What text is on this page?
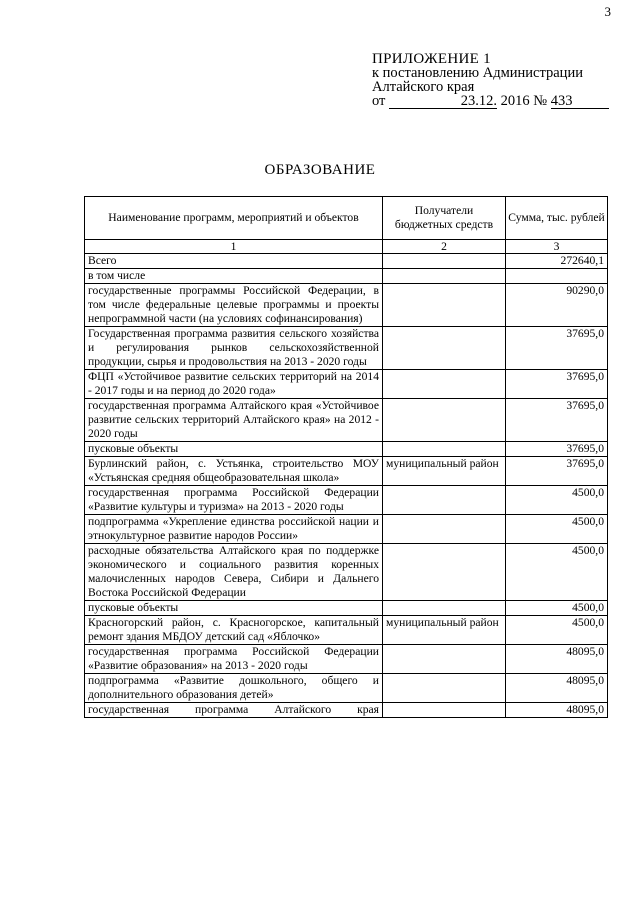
3
ПРИЛОЖЕНИЕ 1
к постановлению Администрации
Алтайского края
от	23.12. 2016 № 433
ОБРАЗОВАНИЕ
Наименование программ, мероприятий и объектов	Получатели бюджетных средств	Сумма, тыс. рублей
1	2	3
Всего		272640,1
в том числе		
государственные программы Российской Федерации, в том числе федеральные целевые программы и проекты непрограммной части (на условиях софинансирования)		90290,0
Государственная программа развития сельского хозяйства и регулирования рынков сельскохозяйственной продукции, сырья и продовольствия на 2013 - 2020 годы		37695,0
ФЦП «Устойчивое развитие сельских территорий на 2014 - 2017 годы и на период до 2020 года»		37695,0
государственная программа Алтайского края «Устойчивое развитие сельских территорий Алтайского края» на 2012 - 2020 годы		37695,0
пусковые объекты		37695,0
Бурлинский район, с. Устьянка, строительство МОУ «Устьянская средняя общеобразовательная школа»	муниципальный район	37695,0
государственная программа Российской Федерации «Развитие культуры и туризма» на 2013 - 2020 годы		4500,0
подпрограмма «Укрепление единства российской нации и этнокультурное развитие народов России»		4500,0
расходные обязательства Алтайского края по поддержке экономического и социального развития коренных малочисленных народов Севера, Сибири и Дальнего Востока Российской Федерации		4500,0
пусковые объекты		4500,0
Красногорский район, с. Красногорское, капитальный ремонт здания МБДОУ детский сад «Яблочко»	муниципальный район	4500,0
государственная программа Российской Федерации «Развитие образования» на 2013 - 2020 годы		48095,0
подпрограмма «Развитие дошкольного, общего и дополнительного образования детей»		48095,0
государственная программа Алтайского края		48095,0
